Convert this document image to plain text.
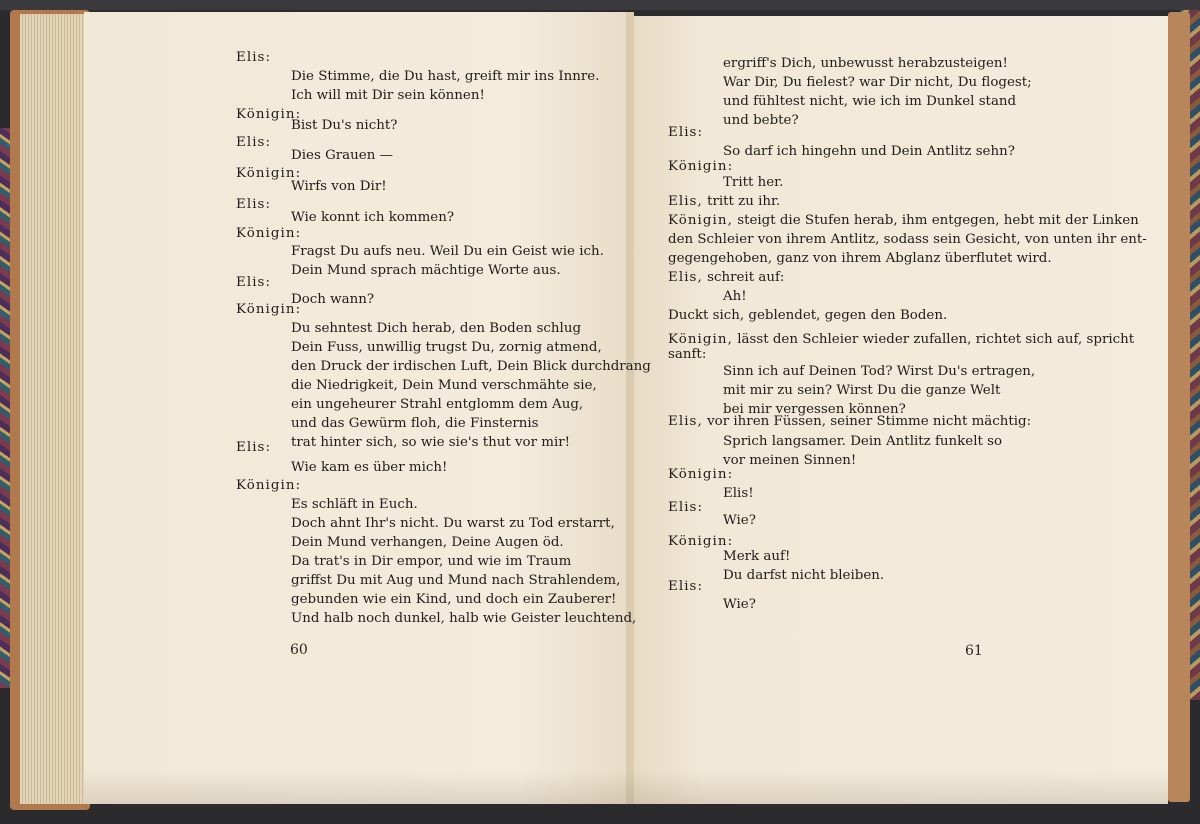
Elis:

Die Stimme, die Du hast, greift mir ins Innre.

Ich will mit Dir sein können!

Königin:

Bist Du's nicht?

Elis:

Dies Grauen —

Königin:

Wirfs von Dir!

Elis:

Wie konnt ich kommen?

Königin:

Fragst Du aufs neu. Weil Du ein Geist wie ich.

Dein Mund sprach mächtige Worte aus.

Elis:

Doch wann?

Königin:

Du sehntest Dich herab, den Boden schlug

Dein Fuss, unwillig trugst Du, zornig atmend,

den Druck der irdischen Luft, Dein Blick durchdrang

die Niedrigkeit, Dein Mund verschmähte sie,

ein ungeheurer Strahl entglomm dem Aug,

und das Gewürm floh, die Finsternis

trat hinter sich, so wie sie's thut vor mir!

Elis:

Wie kam es über mich!

Königin:

Es schläft in Euch.

Doch ahnt Ihr's nicht. Du warst zu Tod erstarrt,

Dein Mund verhangen, Deine Augen öd.

Da trat's in Dir empor, und wie im Traum

griffst Du mit Aug und Mund nach Strahlendem,

gebunden wie ein Kind, und doch ein Zauberer!

Und halb noch dunkel, halb wie Geister leuchtend,

ergriff's Dich, unbewusst herabzusteigen!

War Dir, Du fielest? war Dir nicht, Du flogest;

und fühltest nicht, wie ich im Dunkel stand

und bebte?

Elis:

So darf ich hingehn und Dein Antlitz sehn?

Königin:

Tritt her.

Elis, tritt zu ihr.

Königin, steigt die Stufen herab, ihm entgegen, hebt mit der Linken

den Schleier von ihrem Antlitz, sodass sein Gesicht, von unten ihr ent-

gegengehoben, ganz von ihrem Abglanz überflutet wird.

Elis, schreit auf:

Ah!

Duckt sich, geblendet, gegen den Boden.

Königin, lässt den Schleier wieder zufallen, richtet sich auf, spricht

sanft:

Sinn ich auf Deinen Tod? Wirst Du's ertragen,

mit mir zu sein? Wirst Du die ganze Welt

bei mir vergessen können?

Elis, vor ihren Füssen, seiner Stimme nicht mächtig:

Sprich langsamer. Dein Antlitz funkelt so

vor meinen Sinnen!

Königin:

Elis!

Elis:

Wie?

Königin:

Merk auf!

Du darfst nicht bleiben.

Elis:

Wie?

60	61
